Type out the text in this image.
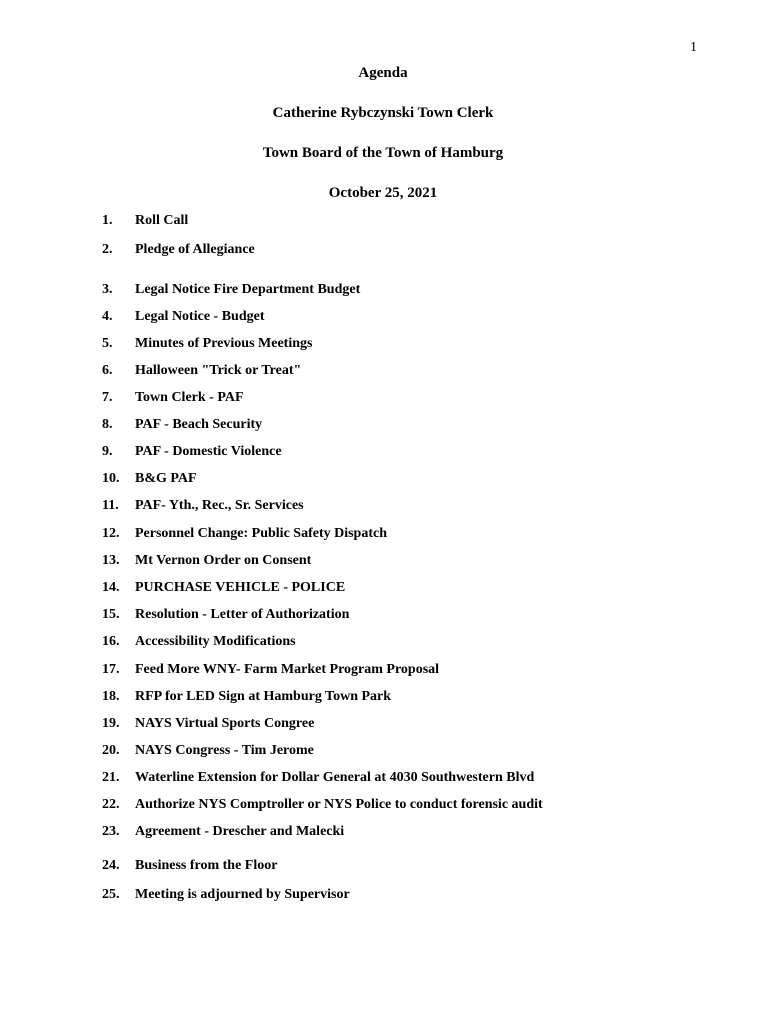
1
Agenda
Catherine Rybczynski Town Clerk
Town Board of the Town of Hamburg
October 25, 2021
1. Roll Call
2. Pledge of Allegiance
3. Legal Notice Fire Department Budget
4. Legal Notice - Budget
5. Minutes of Previous Meetings
6. Halloween "Trick or Treat"
7. Town Clerk - PAF
8. PAF - Beach Security
9. PAF - Domestic Violence
10. B&G PAF
11. PAF- Yth., Rec., Sr. Services
12. Personnel Change: Public Safety Dispatch
13. Mt Vernon Order on Consent
14. PURCHASE VEHICLE - POLICE
15. Resolution - Letter of Authorization
16. Accessibility Modifications
17. Feed More WNY- Farm Market Program Proposal
18. RFP for LED Sign at Hamburg Town Park
19. NAYS Virtual Sports Congree
20. NAYS Congress - Tim Jerome
21. Waterline Extension for Dollar General at 4030 Southwestern Blvd
22. Authorize NYS Comptroller or NYS Police to conduct forensic audit
23. Agreement - Drescher and Malecki
24. Business from the Floor
25. Meeting is adjourned by Supervisor
